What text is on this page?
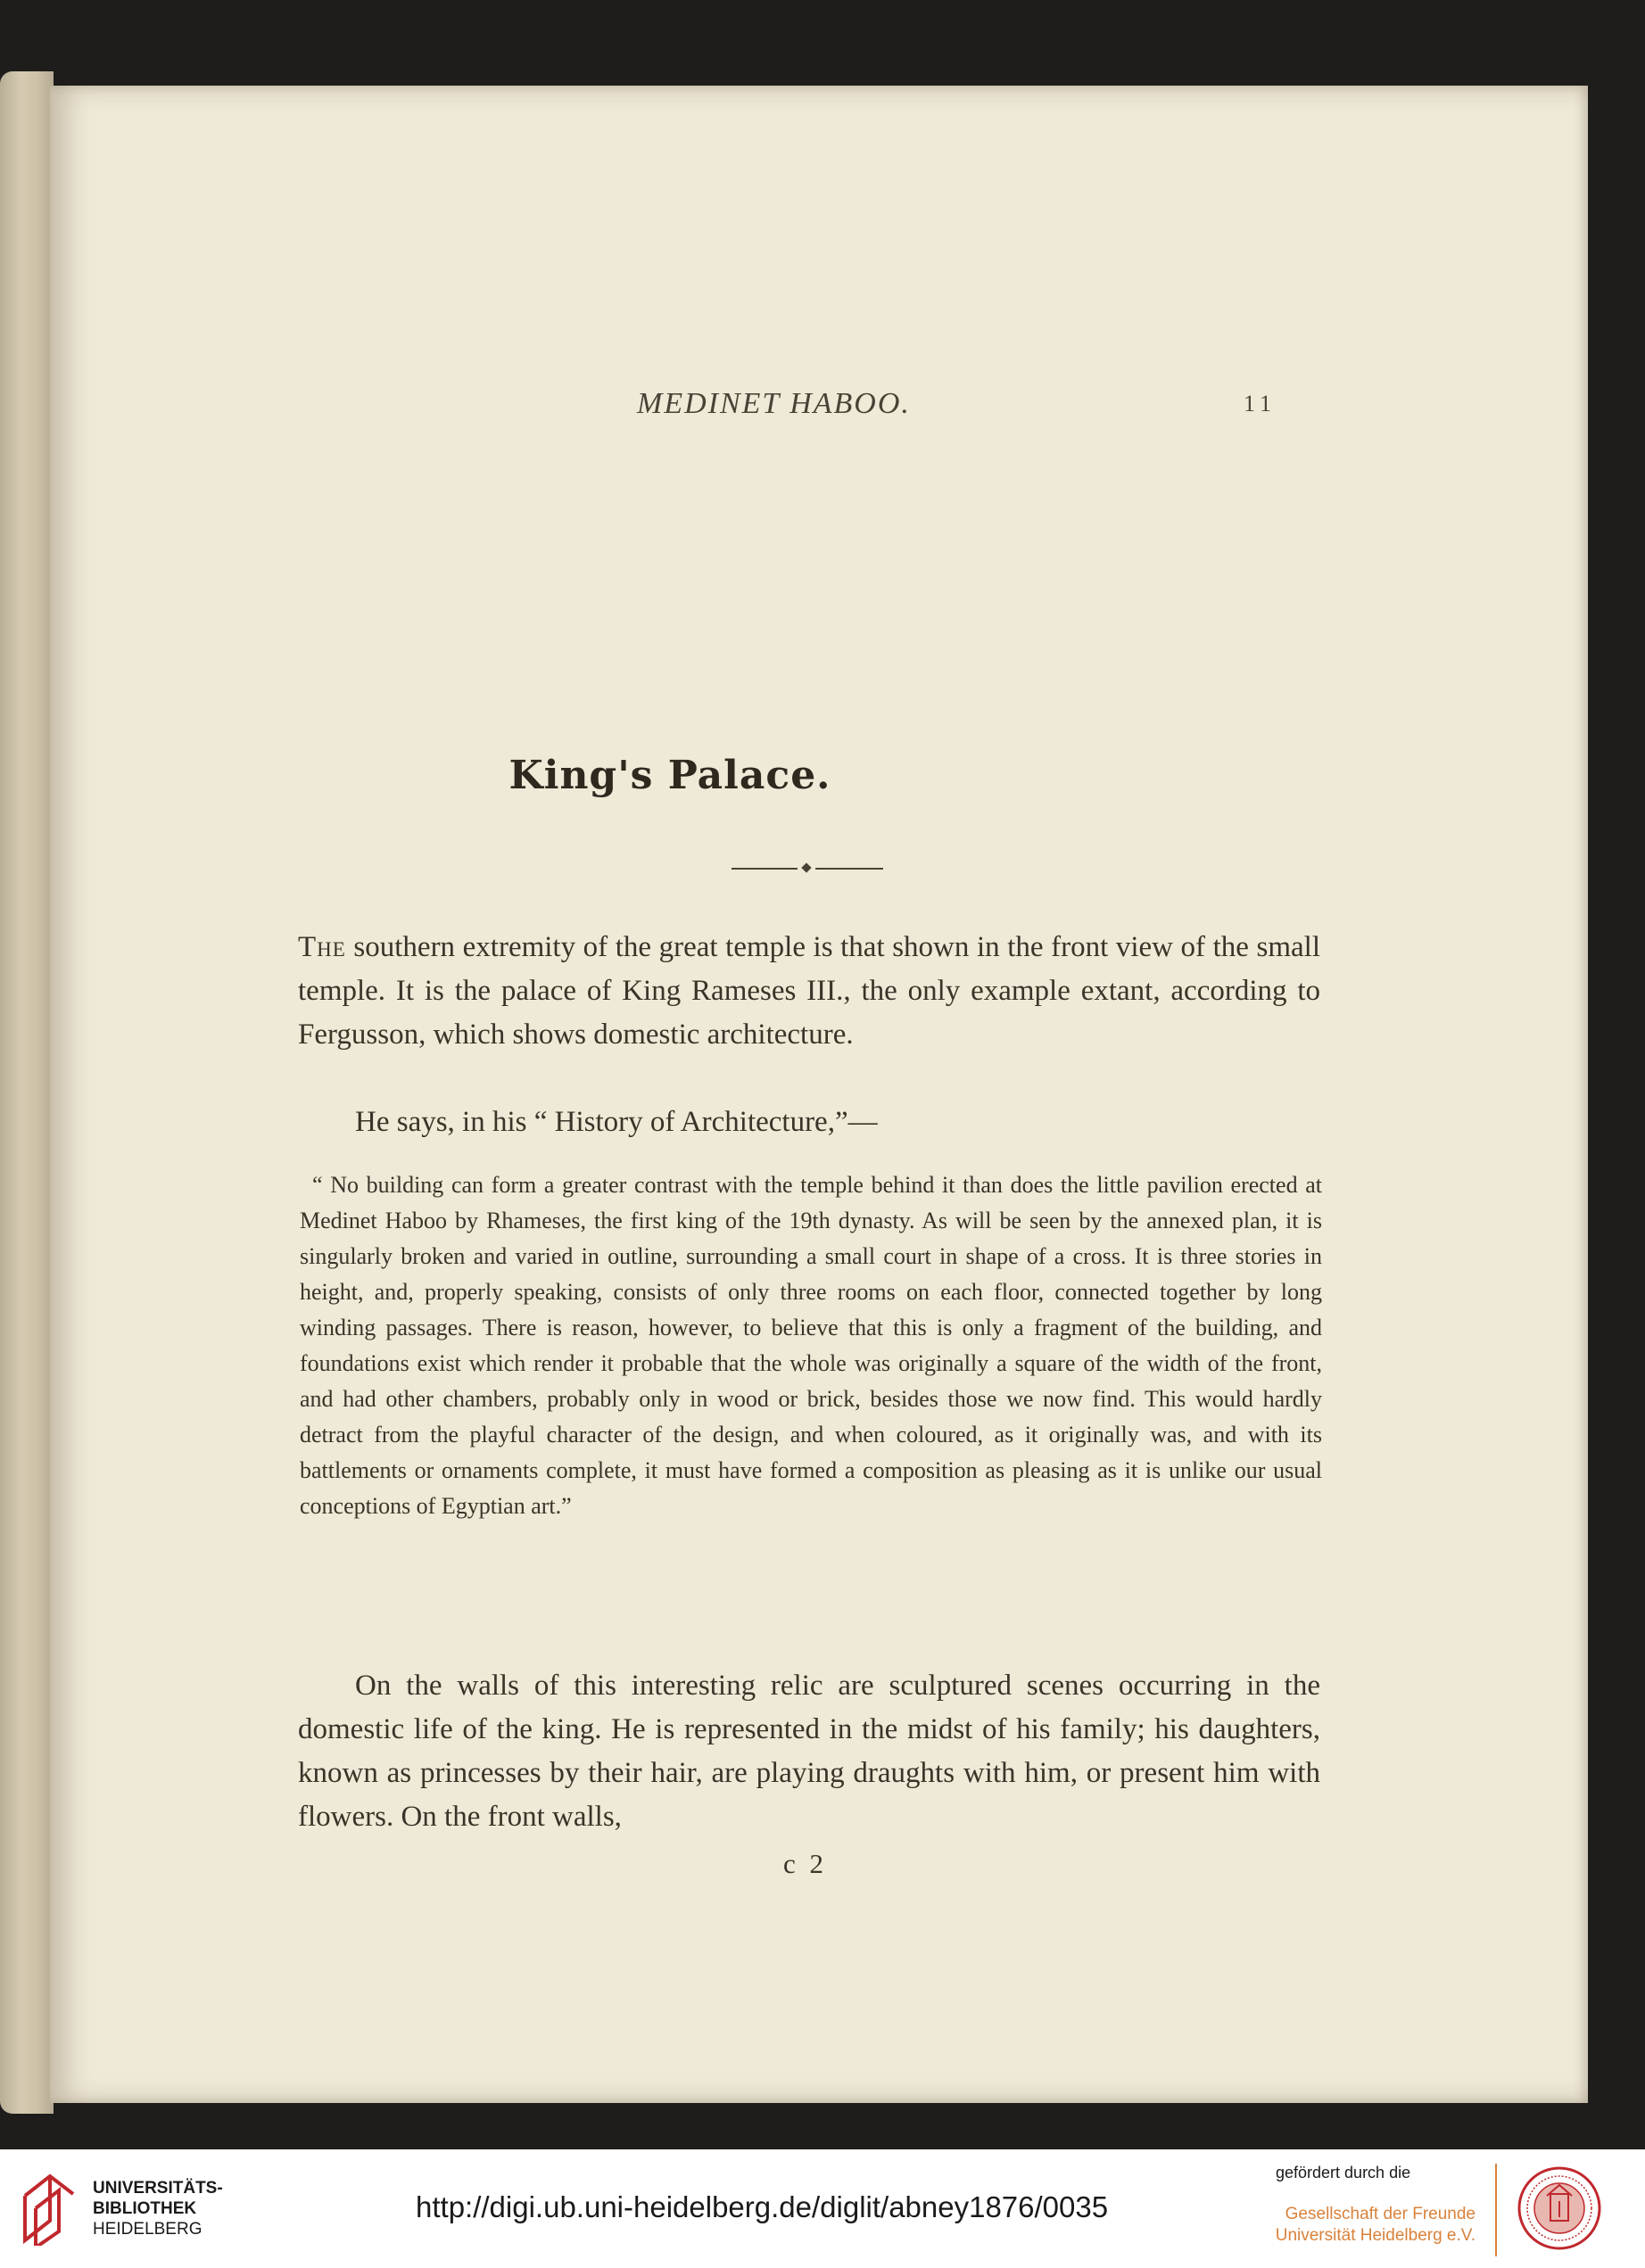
MEDINET HABOO.	11
King's Palace.

The southern extremity of the great temple is that shown in the front view of the small temple. It is the palace of King Rameses III., the only example extant, according to Fergusson, which shows domestic architecture.

He says, in his “ History of Architecture,”—

“ No building can form a greater contrast with the temple behind it than does the little pavilion erected at Medinet Haboo by Rhameses, the first king of the 19th dynasty. As will be seen by the annexed plan, it is singularly broken and varied in outline, surrounding a small court in shape of a cross. It is three stories in height, and, properly speaking, consists of only three rooms on each floor, connected together by long winding passages. There is reason, however, to believe that this is only a fragment of the building, and foundations exist which render it probable that the whole was originally a square of the width of the front, and had other chambers, probably only in wood or brick, besides those we now find. This would hardly detract from the playful character of the design, and when coloured, as it originally was, and with its battlements or ornaments complete, it must have formed a composition as pleasing as it is unlike our usual conceptions of Egyptian art.”

On the walls of this interesting relic are sculptured scenes occurring in the domestic life of the king. He is represented in the midst of his family; his daughters, known as princesses by their hair, are playing draughts with him, or present him with flowers. On the front walls,

c 2
UNIVERSITÄTS-
BIBLIOTHEK
HEIDELBERG
http://digi.ub.uni-heidelberg.de/diglit/abney1876/0035
gefördert durch die
Gesellschaft der Freunde
Universität Heidelberg e.V.
